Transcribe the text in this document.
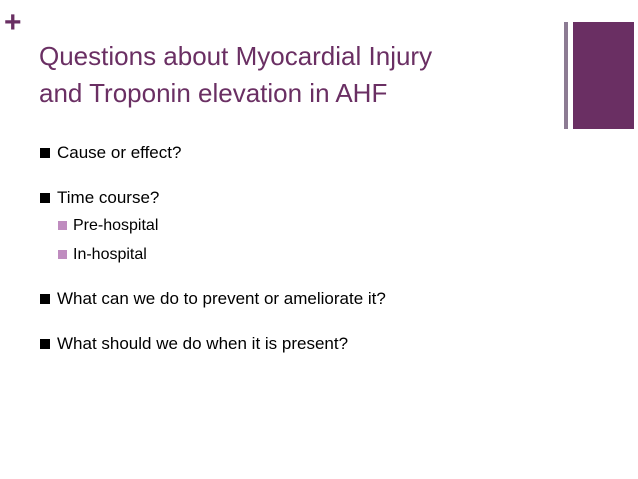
+
Questions about Myocardial Injury
and Troponin elevation in AHF
Cause or effect?
Time course?
Pre-hospital
In-hospital
What can we do to prevent or ameliorate it?
What should we do when it is present?
